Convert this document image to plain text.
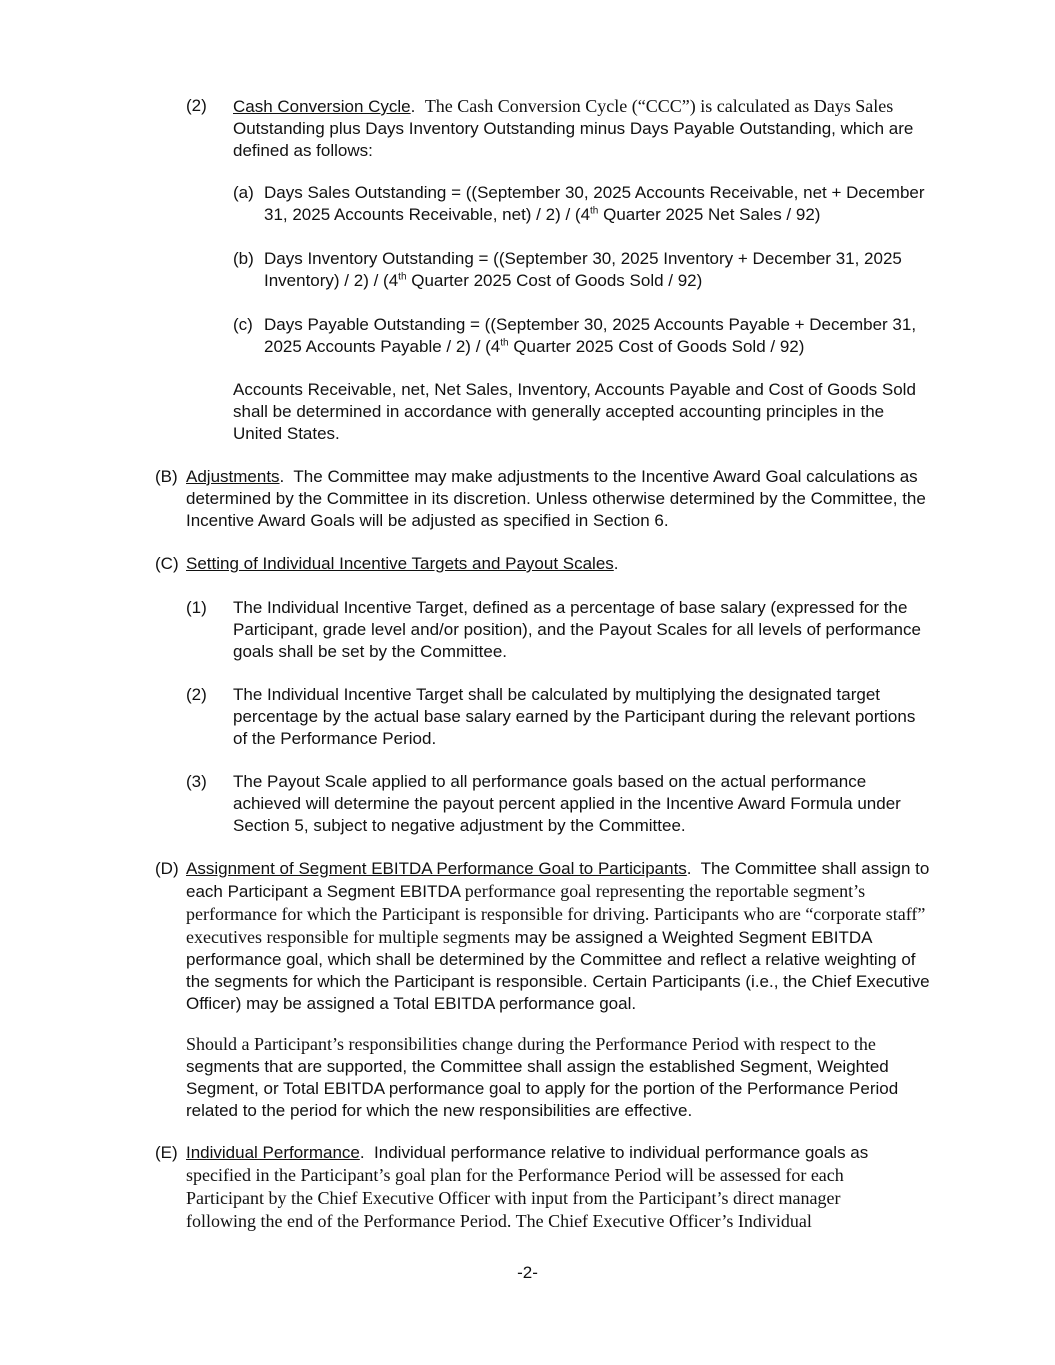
(2) Cash Conversion Cycle.  The Cash Conversion Cycle (“CCC”) is calculated as Days Sales Outstanding plus Days Inventory Outstanding minus Days Payable Outstanding, which are defined as follows:
(a) Days Sales Outstanding = ((September 30, 2025 Accounts Receivable, net + December 31, 2025 Accounts Receivable, net) / 2) / (4th Quarter 2025 Net Sales / 92)
(b) Days Inventory Outstanding = ((September 30, 2025 Inventory + December 31, 2025 Inventory) / 2) / (4th Quarter 2025 Cost of Goods Sold / 92)
(c) Days Payable Outstanding = ((September 30, 2025 Accounts Payable + December 31, 2025 Accounts Payable / 2) / (4th Quarter 2025 Cost of Goods Sold / 92)
Accounts Receivable, net, Net Sales, Inventory, Accounts Payable and Cost of Goods Sold shall be determined in accordance with generally accepted accounting principles in the United States.
(B) Adjustments.  The Committee may make adjustments to the Incentive Award Goal calculations as determined by the Committee in its discretion. Unless otherwise determined by the Committee, the Incentive Award Goals will be adjusted as specified in Section 6.
(C) Setting of Individual Incentive Targets and Payout Scales.
(1) The Individual Incentive Target, defined as a percentage of base salary (expressed for the Participant, grade level and/or position), and the Payout Scales for all levels of performance goals shall be set by the Committee.
(2) The Individual Incentive Target shall be calculated by multiplying the designated target percentage by the actual base salary earned by the Participant during the relevant portions of the Performance Period.
(3) The Payout Scale applied to all performance goals based on the actual performance achieved will determine the payout percent applied in the Incentive Award Formula under Section 5, subject to negative adjustment by the Committee.
(D) Assignment of Segment EBITDA Performance Goal to Participants.  The Committee shall assign to each Participant a Segment EBITDA performance goal representing the reportable segment’s performance for which the Participant is responsible for driving. Participants who are “corporate staff” executives responsible for multiple segments may be assigned a Weighted Segment EBITDA performance goal, which shall be determined by the Committee and reflect a relative weighting of the segments for which the Participant is responsible. Certain Participants (i.e., the Chief Executive Officer) may be assigned a Total EBITDA performance goal.
Should a Participant’s responsibilities change during the Performance Period with respect to the segments that are supported, the Committee shall assign the established Segment, Weighted Segment, or Total EBITDA performance goal to apply for the portion of the Performance Period related to the period for which the new responsibilities are effective.
(E) Individual Performance.  Individual performance relative to individual performance goals as specified in the Participant’s goal plan for the Performance Period will be assessed for each Participant by the Chief Executive Officer with input from the Participant’s direct manager following the end of the Performance Period. The Chief Executive Officer’s Individual
-2-
